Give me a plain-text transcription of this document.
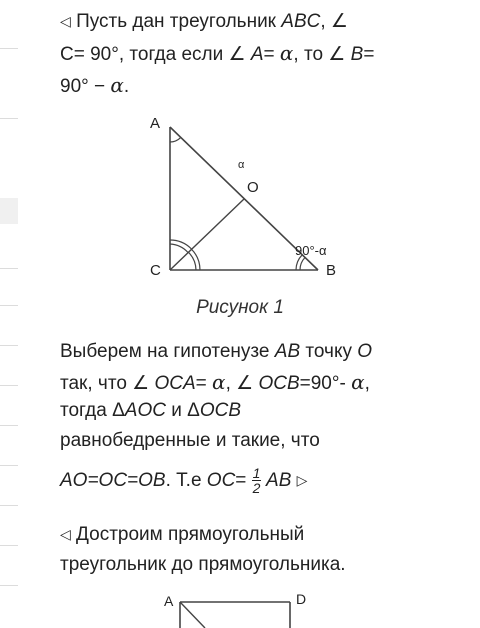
◁ Пусть дан треугольник ABC, ∠
C= 90°, тогда если ∠ A= α, то ∠ B=
90° − α.
A
C	B
O
α
90°-α
Рисунок 1
Выберем на гипотенузе AB точку O
так, что ∠ OCA= α, ∠ OCB=90°- α,
тогда ΔAOC и ΔOCB
равнобедренные и такие, что
AO=OC=OB. Т.е $OC= \frac{1}{2}$ AB ▷
◁ Достроим прямоугольный
треугольник до прямоугольника.
A	D
